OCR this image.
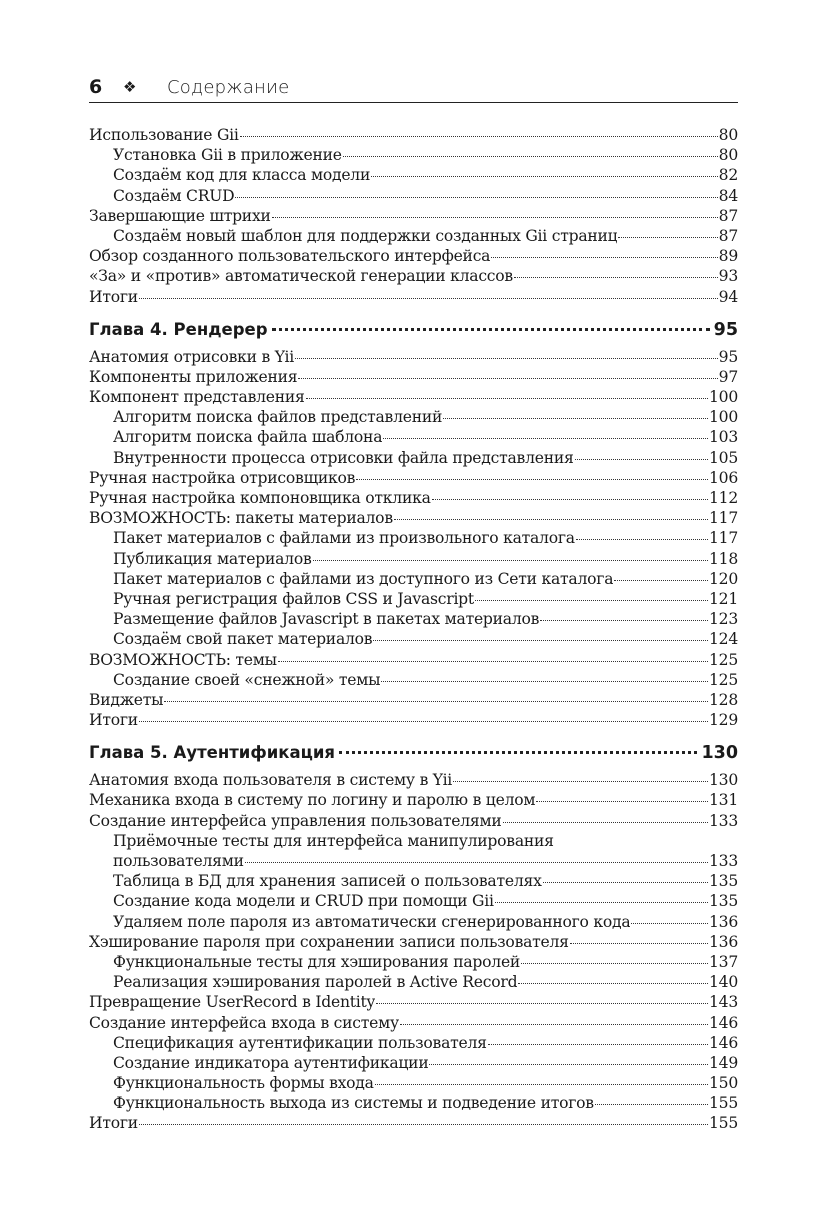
6	❖	Содержание
Использование Gii	80
Установка Gii в приложение	80
Создаём код для класса модели	82
Создаём CRUD	84
Завершающие штрихи	87
Создаём новый шаблон для поддержки созданных Gii страниц	87
Обзор созданного пользовательского интерфейса	89
«За» и «против» автоматической генерации классов	93
Итоги	94
Глава 4. Рендерер	95
Анатомия отрисовки в Yii	95
Компоненты приложения	97
Компонент представления	100
Алгоритм поиска файлов представлений	100
Алгоритм поиска файла шаблона	103
Внутренности процесса отрисовки файла представления	105
Ручная настройка отрисовщиков	106
Ручная настройка компоновщика отклика	112
ВОЗМОЖНОСТЬ: пакеты материалов	117
Пакет материалов с файлами из произвольного каталога	117
Публикация материалов	118
Пакет материалов с файлами из доступного из Сети каталога	120
Ручная регистрация файлов CSS и Javascript	121
Размещение файлов Javascript в пакетах материалов	123
Создаём свой пакет материалов	124
ВОЗМОЖНОСТЬ: темы	125
Создание своей «снежной» темы	125
Виджеты	128
Итоги	129
Глава 5. Аутентификация	130
Анатомия входа пользователя в систему в Yii	130
Механика входа в систему по логину и паролю в целом	131
Создание интерфейса управления пользователями	133
Приёмочные тесты для интерфейса манипулирования
пользователями	133
Таблица в БД для хранения записей о пользователях	135
Создание кода модели и CRUD при помощи Gii	135
Удаляем поле пароля из автоматически сгенерированного кода	136
Хэширование пароля при сохранении записи пользователя	136
Функциональные тесты для хэширования паролей	137
Реализация хэширования паролей в Active Record	140
Превращение UserRecord в Identity	143
Создание интерфейса входа в систему	146
Спецификация аутентификации пользователя	146
Создание индикатора аутентификации	149
Функциональность формы входа	150
Функциональность выхода из системы и подведение итогов	155
Итоги	155
